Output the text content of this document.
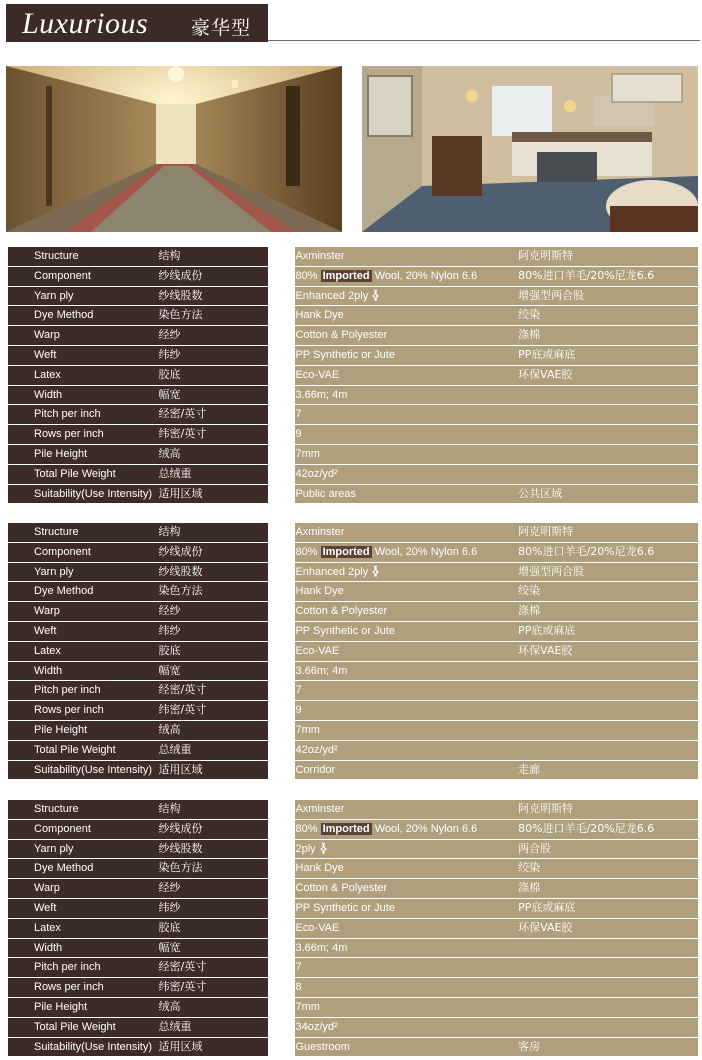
Luxurious 豪华型
Structure	结构		Axminster	阿克明斯特
Component	纱线成份		80% Imported Wool, 20% Nylon 6.6	80%进口羊毛/20%尼龙6.6
Yarn ply	纱线股数		Enhanced 2ply	增强型两合股
Dye Method	染色方法		Hank Dye	绞染
Warp	经纱		Cotton & Polyester	涤棉
Weft	纬纱		PP Synthetic or Jute	PP底或麻底
Latex	胶底		Eco-VAE	环保VAE胶
Width	幅宽		3.66m; 4m	
Pitch per inch	经密/英寸		7	
Rows per inch	纬密/英寸		9	
Pile Height	绒高		7mm	
Total Pile Weight	总绒重		42oz/yd²	
Suitability(Use Intensity)	适用区域		Public areas	公共区域
Structure	结构		Axminster	阿克明斯特
Component	纱线成份		80% Imported Wool, 20% Nylon 6.6	80%进口羊毛/20%尼龙6.6
Yarn ply	纱线股数		Enhanced 2ply	增强型两合股
Dye Method	染色方法		Hank Dye	绞染
Warp	经纱		Cotton & Polyester	涤棉
Weft	纬纱		PP Synthetic or Jute	PP底或麻底
Latex	胶底		Eco-VAE	环保VAE胶
Width	幅宽		3.66m; 4m	
Pitch per inch	经密/英寸		7	
Rows per inch	纬密/英寸		9	
Pile Height	绒高		7mm	
Total Pile Weight	总绒重		42oz/yd²	
Suitability(Use Intensity)	适用区域		Corridor	走廊
Structure	结构		Axminster	阿克明斯特
Component	纱线成份		80% Imported Wool, 20% Nylon 6.6	80%进口羊毛/20%尼龙6.6
Yarn ply	纱线股数		2ply	两合股
Dye Method	染色方法		Hank Dye	绞染
Warp	经纱		Cotton & Polyester	涤棉
Weft	纬纱		PP Synthetic or Jute	PP底或麻底
Latex	胶底		Eco-VAE	环保VAE胶
Width	幅宽		3.66m; 4m	
Pitch per inch	经密/英寸		7	
Rows per inch	纬密/英寸		8	
Pile Height	绒高		7mm	
Total Pile Weight	总绒重		34oz/yd²	
Suitability(Use Intensity)	适用区域		Guestroom	客房
